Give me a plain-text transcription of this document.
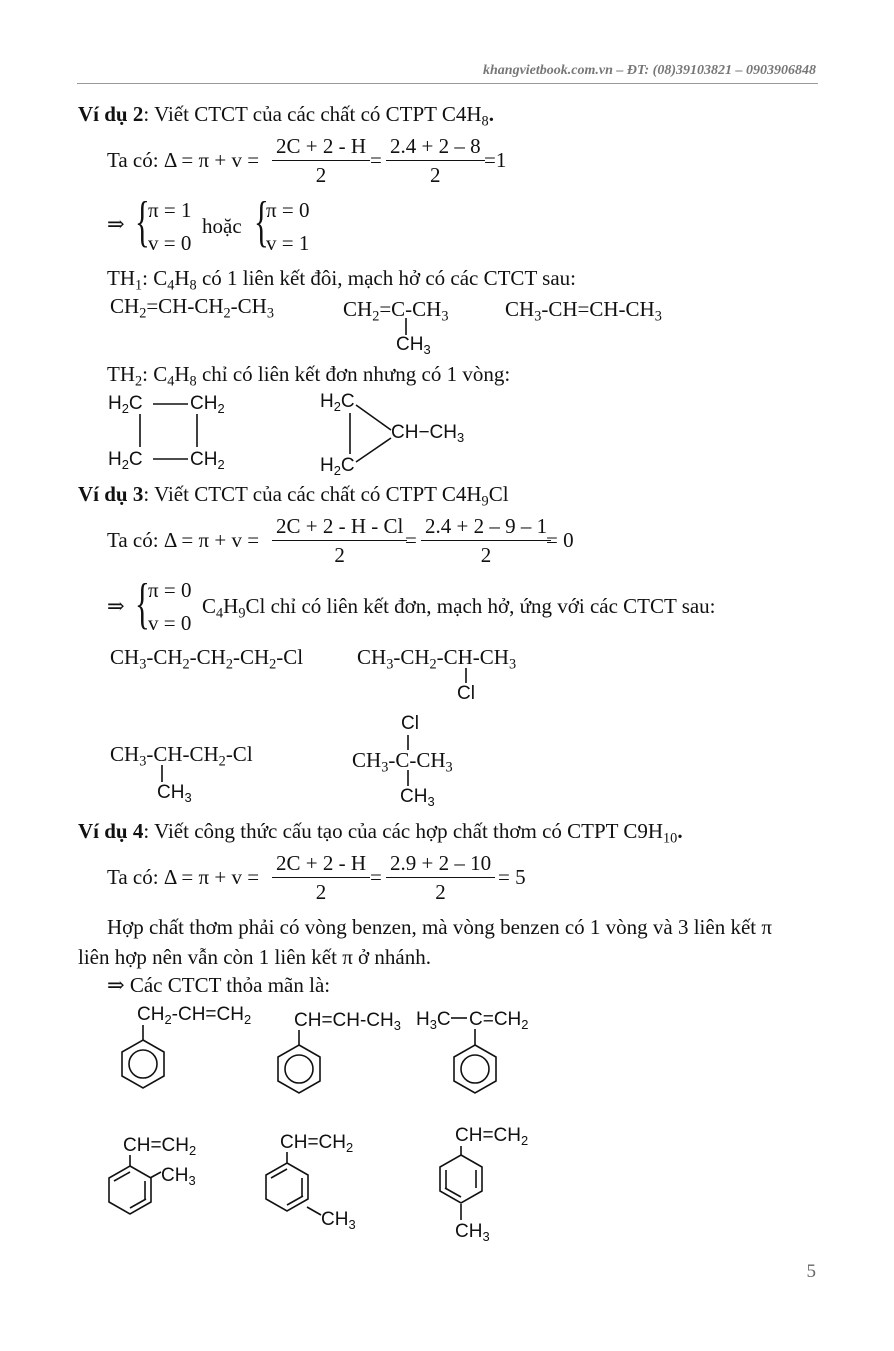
khangvietbook.com.vn – ĐT: (08)39103821 – 0903906848
Ví dụ 2: Viết CTCT của các chất có CTPT $C4H_8$.
Ta có: $\Delta = \pi + v = \frac{2C + 2 - H}{2} = \frac{2.4 + 2 - 8}{2} =1$
⇒ {
π = 1
v = 0
hoặc {
π = 0
v = 1
$TH_1$: $C_4H_8$ có 1 liên kết đôi, mạch hở có các CTCT sau:
$CH_2=CH-CH_2-CH_3$	$CH_2=C-CH_3$
$CH_3$
$CH_3-CH=CH-CH_3$
$TH_2$: $C_4H_8$ chỉ có liên kết đơn nhưng có 1 vòng:
$H_2C$ $CH_2$
$H_2C$ $CH_2$
$H_2C$
$CH-CH_3$
$H_2C$
Ví dụ 3: Viết CTCT của các chất có CTPT $C4H_9Cl$
Ta có: $\Delta = \pi + v = \frac{2C + 2 - H - Cl}{2}$
= $\frac{2.4 + 2 - 9 - 1}{2}$
= 0
⇒ {
π = 0
v = 0
$C_4H_9Cl$ chỉ có liên kết đơn, mạch hở, ứng với các CTCT sau:
$CH_3-CH_2-CH_2-CH_2-Cl$	$CH_3-CH_2-CH-CH_3$
Cl
$CH_3-CH-CH_2-Cl$
$CH_3$
Cl
$CH_3-C-CH_3$
$CH_3$
Ví dụ 4: Viết công thức cấu tạo của các hợp chất thơm có CTPT $C9H_{10}$.
Ta có: $\Delta = \pi + v = \frac{2C + 2 - H}{2} = \frac{2.9 + 2 - 10}{2} = 5$
Hợp chất thơm phải có vòng benzen, mà vòng benzen có 1 vòng và 3 liên kết π
liên hợp nên vẫn còn 1 liên kết π ở nhánh.
⇒ Các CTCT thỏa mãn là:
$CH_2-CH=CH_2$ $CH=CH-CH_3$ $H_3C$ $C=CH_2$
$CH=CH_2$
$CH_3$
$CH=CH_2$
$CH_3$
$CH=CH_2$
$CH_3$
5
